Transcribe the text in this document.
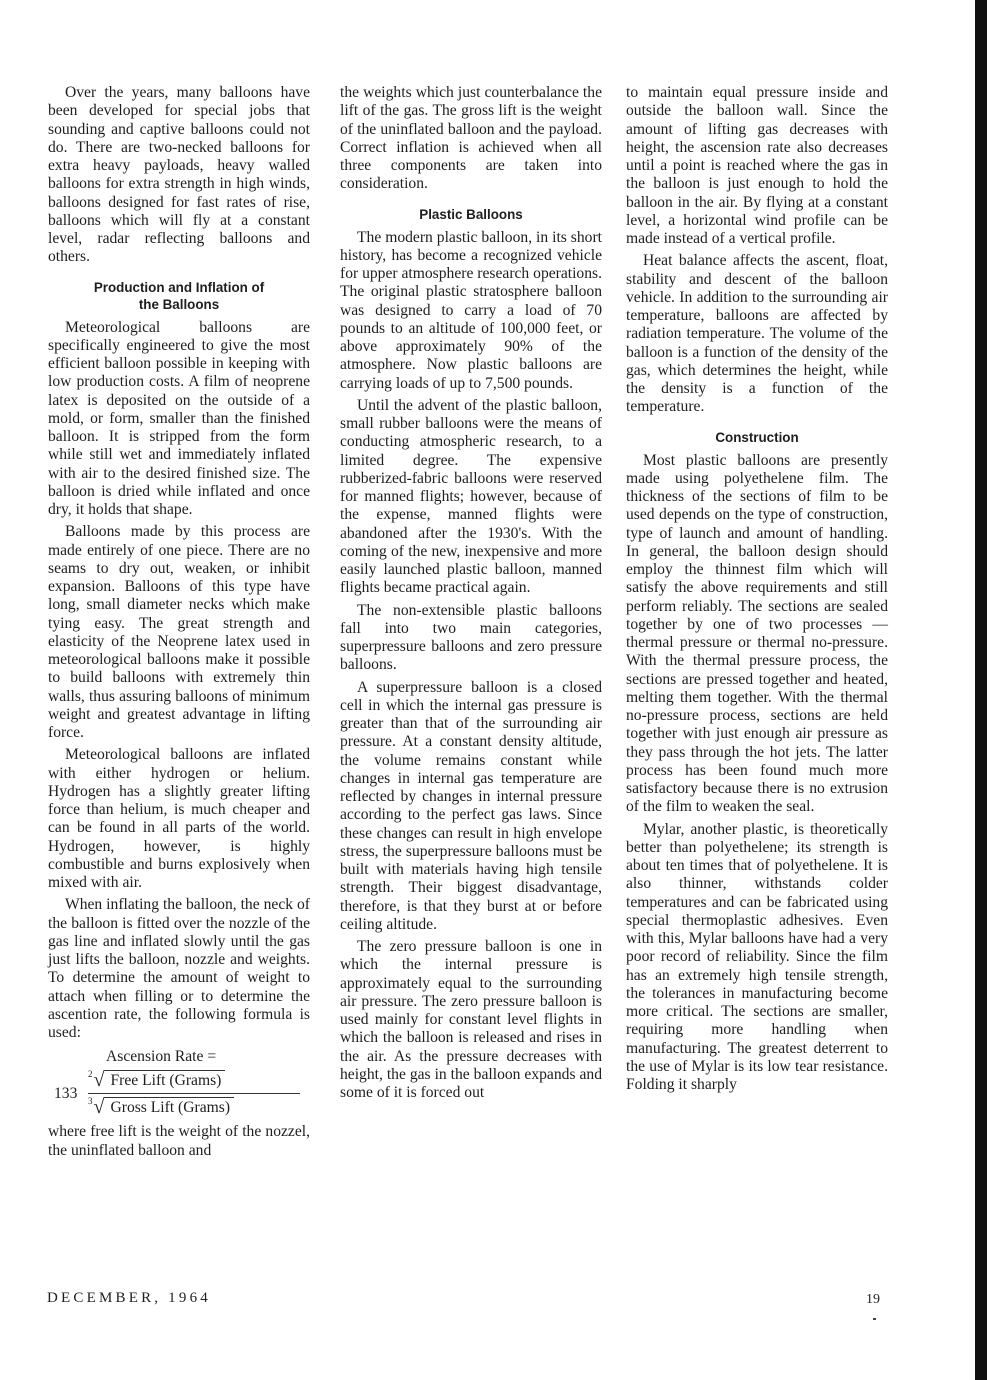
Over the years, many balloons have been developed for special jobs that sounding and captive balloons could not do. There are two-necked balloons for extra heavy payloads, heavy walled balloons for extra strength in high winds, balloons designed for fast rates of rise, balloons which will fly at a constant level, radar reflecting balloons and others.

Production and Inflation of
the Balloons

Meteorological balloons are specifically engineered to give the most efficient balloon possible in keeping with low production costs. A film of neoprene latex is deposited on the outside of a mold, or form, smaller than the finished balloon. It is stripped from the form while still wet and immediately inflated with air to the desired finished size. The balloon is dried while inflated and once dry, it holds that shape.

Balloons made by this process are made entirely of one piece. There are no seams to dry out, weaken, or inhibit expansion. Balloons of this type have long, small diameter necks which make tying easy. The great strength and elasticity of the Neoprene latex used in meteorological balloons make it possible to build balloons with extremely thin walls, thus assuring balloons of minimum weight and greatest advantage in lifting force.

Meteorological balloons are inflated with either hydrogen or helium. Hydrogen has a slightly greater lifting force than helium, is much cheaper and can be found in all parts of the world. Hydrogen, however, is highly combustible and burns explosively when mixed with air.

When inflating the balloon, the neck of the balloon is fitted over the nozzle of the gas line and inflated slowly until the gas just lifts the balloon, nozzle and weights. To determine the amount of weight to attach when filling or to determine the ascention rate, the following formula is used:

Ascension Rate =
133	$\frac{\text{2 √ Free Lift (Grams)}}{\text{3 √ Gross Lift (Grams)}}$

where free lift is the weight of the nozzel, the uninflated balloon and

the weights which just counterbalance the lift of the gas. The gross lift is the weight of the uninflated balloon and the payload. Correct inflation is achieved when all three components are taken into consideration.

Plastic Balloons

The modern plastic balloon, in its short history, has become a recognized vehicle for upper atmosphere research operations. The original plastic stratosphere balloon was designed to carry a load of 70 pounds to an altitude of 100,000 feet, or above approximately 90% of the atmosphere. Now plastic balloons are carrying loads of up to 7,500 pounds.

Until the advent of the plastic balloon, small rubber balloons were the means of conducting atmospheric research, to a limited degree. The expensive rubberized-fabric balloons were reserved for manned flights; however, because of the expense, manned flights were abandoned after the 1930's. With the coming of the new, inexpensive and more easily launched plastic balloon, manned flights became practical again.

The non-extensible plastic balloons fall into two main categories, superpressure balloons and zero pressure balloons.

A superpressure balloon is a closed cell in which the internal gas pressure is greater than that of the surrounding air pressure. At a constant density altitude, the volume remains constant while changes in internal gas temperature are reflected by changes in internal pressure according to the perfect gas laws. Since these changes can result in high envelope stress, the superpressure balloons must be built with materials having high tensile strength. Their biggest disadvantage, therefore, is that they burst at or before ceiling altitude.

The zero pressure balloon is one in which the internal pressure is approximately equal to the surrounding air pressure. The zero pressure balloon is used mainly for constant level flights in which the balloon is released and rises in the air. As the pressure decreases with height, the gas in the balloon expands and some of it is forced out

to maintain equal pressure inside and outside the balloon wall. Since the amount of lifting gas decreases with height, the ascension rate also decreases until a point is reached where the gas in the balloon is just enough to hold the balloon in the air. By flying at a constant level, a horizontal wind profile can be made instead of a vertical profile.

Heat balance affects the ascent, float, stability and descent of the balloon vehicle. In addition to the surrounding air temperature, balloons are affected by radiation temperature. The volume of the balloon is a function of the density of the gas, which determines the height, while the density is a function of the temperature.

Construction

Most plastic balloons are presently made using polyethelene film. The thickness of the sections of film to be used depends on the type of construction, type of launch and amount of handling. In general, the balloon design should employ the thinnest film which will satisfy the above requirements and still perform reliably. The sections are sealed together by one of two processes — thermal pressure or thermal no-pressure. With the thermal pressure process, the sections are pressed together and heated, melting them together. With the thermal no-pressure process, sections are held together with just enough air pressure as they pass through the hot jets. The latter process has been found much more satisfactory because there is no extrusion of the film to weaken the seal.

Mylar, another plastic, is theoretically better than polyethelene; its strength is about ten times that of polyethelene. It is also thinner, withstands colder temperatures and can be fabricated using special thermoplastic adhesives. Even with this, Mylar balloons have had a very poor record of reliability. Since the film has an extremely high tensile strength, the tolerances in manufacturing become more critical. The sections are smaller, requiring more handling when manufacturing. The greatest deterrent to the use of Mylar is its low tear resistance. Folding it sharply

DECEMBER, 1964	19
